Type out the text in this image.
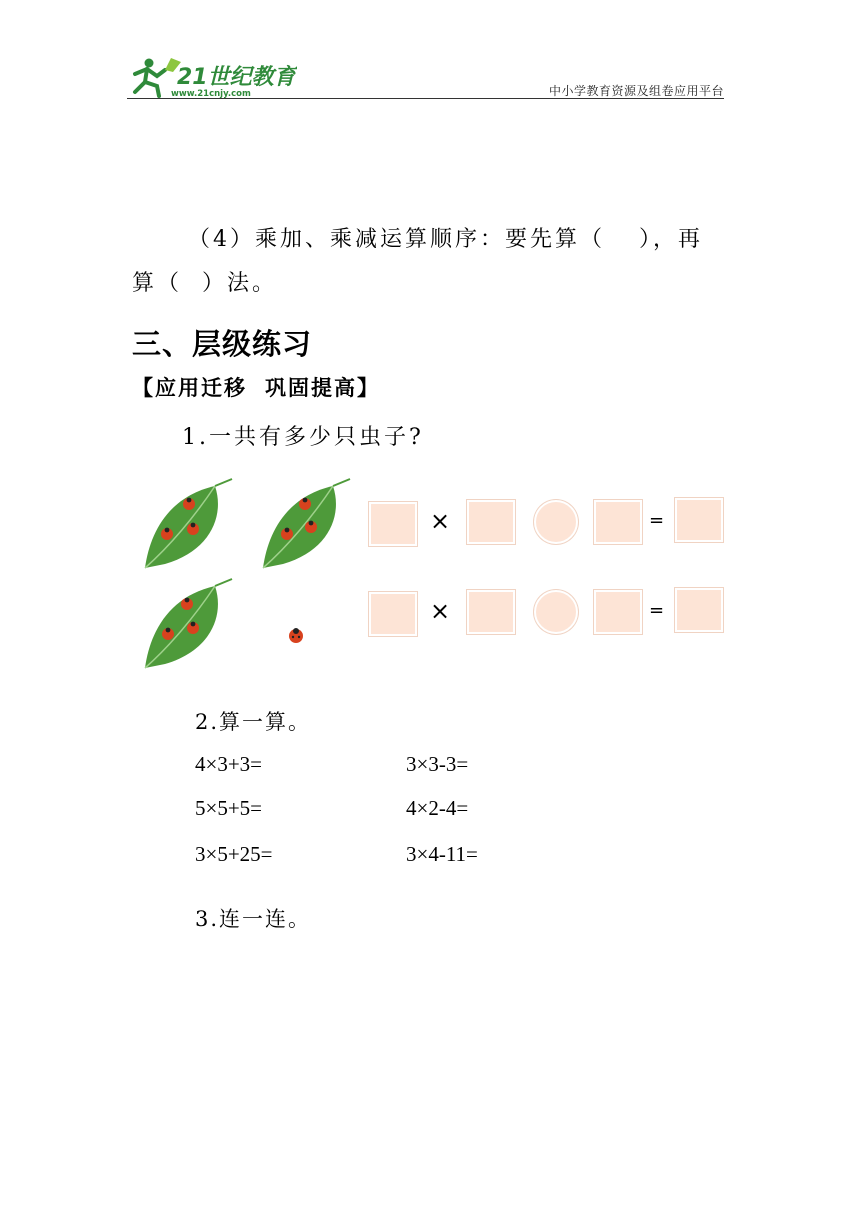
21世纪教育
www.21cnjy.com	中小学教育资源及组卷应用平台
（4）乘加、乘减运算顺序：要先算（ ），再
算（ ）法。
三、层级练习
【应用迁移 巩固提高】
1.一共有多少只虫子?
×	=
×	=
2.算一算。
4×3+3=	3×3-3=
5×5+5=	4×2-4=
3×5+25=	3×4-11=
3.连一连。
